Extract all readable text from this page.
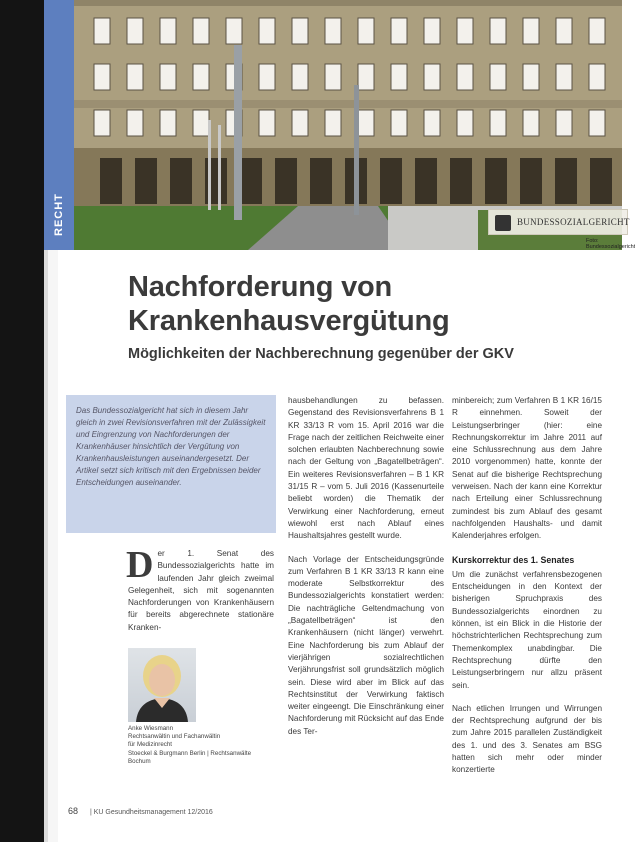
BUNDESSOZIALGERICHT
Foto: Bundessozialgericht
RECHT
Nachforderung von
Krankenhausvergütung
Möglichkeiten der Nachberechnung gegenüber der GKV

Das Bundessozialgericht hat sich in diesem Jahr gleich in zwei Revisionsverfahren mit der Zulässigkeit und Eingrenzung von Nachforderungen der Krankenhäuser hinsichtlich der Vergütung von Krankenhausleistungen auseinandergesetzt. Der Artikel setzt sich kritisch mit den Ergebnissen beider Entscheidungen auseinander.

D er 1. Senat des Bundessozialgerichts hatte im laufenden Jahr gleich zweimal Gelegenheit, sich mit sogenannten Nachforderungen von Krankenhäusern für bereits abgerechnete stationäre Kranken-
Anke Wiesmann
Rechtsanwältin und Fachanwältin
für Medizinrecht
Stoeckel & Burgmann Berlin | Rechtsanwälte
Bochum

hausbehandlungen zu befassen. Gegenstand des Revisionsverfahrens B 1 KR 33/13 R vom 15. April 2016 war die Frage nach der zeitlichen Reichweite einer solchen erlaubten Nachberechnung sowie nach der Geltung von „Bagatellbeträgen“. Ein weiteres Revisionsverfahren – B 1 KR 31/15 R – vom 5. Juli 2016 (Kassenurteile beliebt worden) die Thematik der Verwirkung einer Nachforderung, erneut wiewohl erst nach Ablauf eines Haushaltsjahres gestellt wurde.

Nach Vorlage der Entscheidungsgründe zum Verfahren B 1 KR 33/13 R kann eine moderate Selbstkorrektur des Bundessozialgerichts konstatiert werden: Die nachträgliche Geltendmachung von „Bagatellbeträgen“ ist den Krankenhäusern (nicht länger) verwehrt. Eine Nachforderung bis zum Ablauf der vierjährigen sozialrechtlichen Verjährungsfrist soll grundsätzlich möglich sein. Diese wird aber im Blick auf das Rechtsinstitut der Verwirkung faktisch weiter eingeengt. Die Einschränkung einer Nachforderung mit Rücksicht auf das Ende des Ter-

minbereich; zum Verfahren B 1 KR 16/15 R einnehmen. Soweit der Leistungserbringer (hier: eine Rechnungskorrektur im Jahre 2011 auf eine Schlussrechnung aus dem Jahre 2010 vorgenommen) hatte, konnte der Senat auf die bisherige Rechtsprechung verweisen. Nach der kann eine Korrektur nach Erteilung einer Schlussrechnung zumindest bis zum Ablauf des gesamt nachfolgenden Haushalts- und damit Kalenderjahres erfolgen.

Kurskorrektur des 1. Senates

Um die zunächst verfahrensbezogenen Entscheidungen in den Kontext der bisherigen Spruchpraxis des Bundessozialgerichts einordnen zu können, ist ein Blick in die Historie der höchstrichterlichen Rechtsprechung zum Themenkomplex unabdingbar. Die Rechtsprechung dürfte den Leistungserbringern nur allzu präsent sein.

Nach etlichen Irrungen und Wirrungen der Rechtsprechung aufgrund der bis zum Jahre 2015 parallelen Zuständigkeit des 1. und des 3. Senates am BSG hatten sich mehr oder minder konzertierte

68 | KU Gesundheitsmanagement 12/2016
